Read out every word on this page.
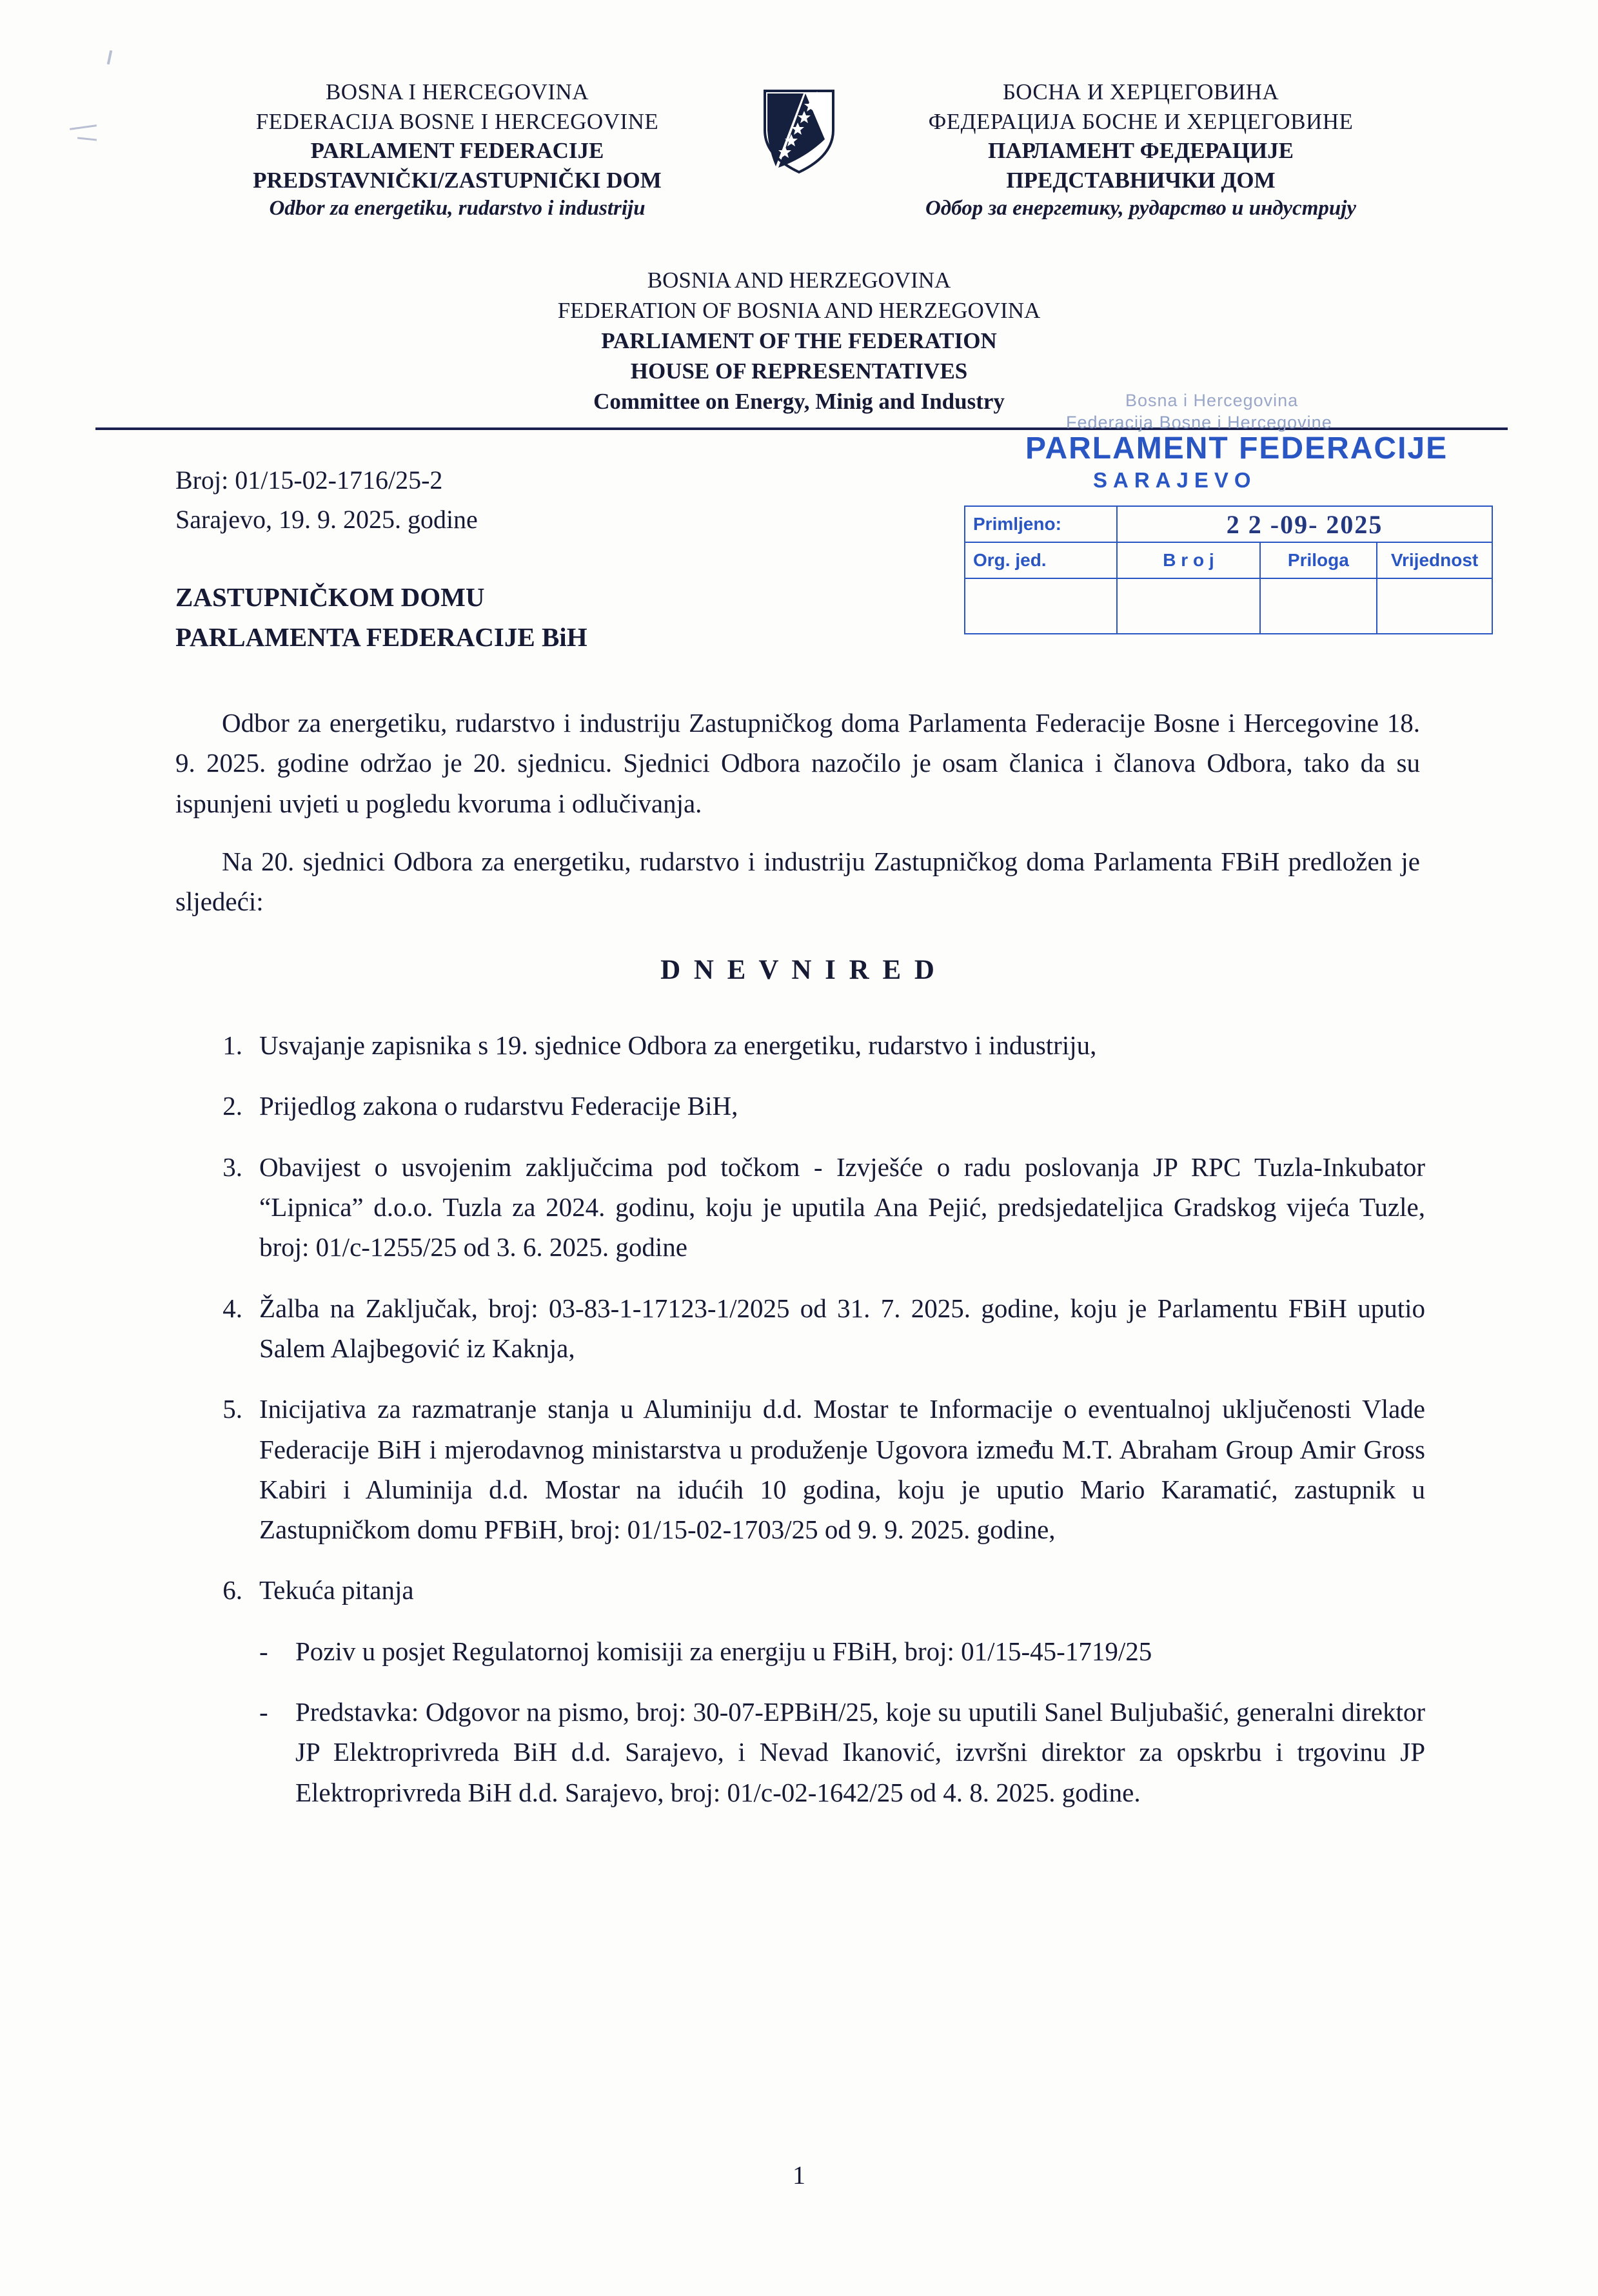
BOSNA I HERCEGOVINA
FEDERACIJA BOSNE I HERCEGOVINE
PARLAMENT FEDERACIJE
PREDSTAVNIČKI/ZASTUPNIČKI DOM
Odbor za energetiku, rudarstvo i industriju
БОСНА И ХЕРЦЕГОВИНА
ФЕДЕРАЦИЈА БОСНЕ И ХЕРЦЕГОВИНЕ
ПАРЛАМЕНТ ФЕДЕРАЦИЈЕ
ПРЕДСТАВНИЧКИ ДОМ
Одбор за енергетику, рударство и индустрију
BOSNIA AND HERZEGOVINA
FEDERATION OF BOSNIA AND HERZEGOVINA
PARLIAMENT OF THE FEDERATION
HOUSE OF REPRESENTATIVES
Committee on Energy, Minig and Industry
Broj: 01/15-02-1716/25-2
Sarajevo, 19. 9. 2025. godine
ZASTUPNIČKOM DOMU
PARLAMENTA FEDERACIJE BiH
Bosna i Hercegovina
Federacija Bosne i Hercegovine
PARLAMENT FEDERACIJE
SARAJEVO
Primljeno:	2 2 -09- 2025		
Org. jed.	B r o j	Priloga	Vrijednost

Odbor za energetiku, rudarstvo i industriju Zastupničkog doma Parlamenta Federacije Bosne i Hercegovine 18. 9. 2025. godine održao je 20. sjednicu. Sjednici Odbora nazočilo je osam članica i članova Odbora, tako da su ispunjeni uvjeti u pogledu kvoruma i odlučivanja.
Na 20. sjednici Odbora za energetiku, rudarstvo i industriju Zastupničkog doma Parlamenta FBiH predložen je sljedeći:
D N E V N I R E D
1. Usvajanje zapisnika s 19. sjednice Odbora za energetiku, rudarstvo i industriju,
2. Prijedlog zakona o rudarstvu Federacije BiH,
3. Obavijest o usvojenim zaključcima pod točkom - Izvješće o radu poslovanja JP RPC Tuzla-Inkubator “Lipnica” d.o.o. Tuzla za 2024. godinu, koju je uputila Ana Pejić, predsjedateljica Gradskog vijeća Tuzle, broj: 01/c-1255/25 od 3. 6. 2025. godine
4. Žalba na Zaključak, broj: 03-83-1-17123-1/2025 od 31. 7. 2025. godine, koju je Parlamentu FBiH uputio Salem Alajbegović iz Kaknja,
5. Inicijativa za razmatranje stanja u Aluminiju d.d. Mostar te Informacije o eventualnoj uključenosti Vlade Federacije BiH i mjerodavnog ministarstva u produženje Ugovora između M.T. Abraham Group Amir Gross Kabiri i Aluminija d.d. Mostar na idućih 10 godina, koju je uputio Mario Karamatić, zastupnik u Zastupničkom domu PFBiH, broj: 01/15-02-1703/25 od 9. 9. 2025. godine,
6. Tekuća pitanja
-	Poziv u posjet Regulatornoj komisiji za energiju u FBiH, broj: 01/15-45-1719/25
-	Predstavka: Odgovor na pismo, broj: 30-07-EPBiH/25, koje su uputili Sanel Buljubašić, generalni direktor JP Elektroprivreda BiH d.d. Sarajevo, i Nevad Ikanović, izvršni direktor za opskrbu i trgovinu JP Elektroprivreda BiH d.d. Sarajevo, broj: 01/c-02-1642/25 od 4. 8. 2025. godine.
1
